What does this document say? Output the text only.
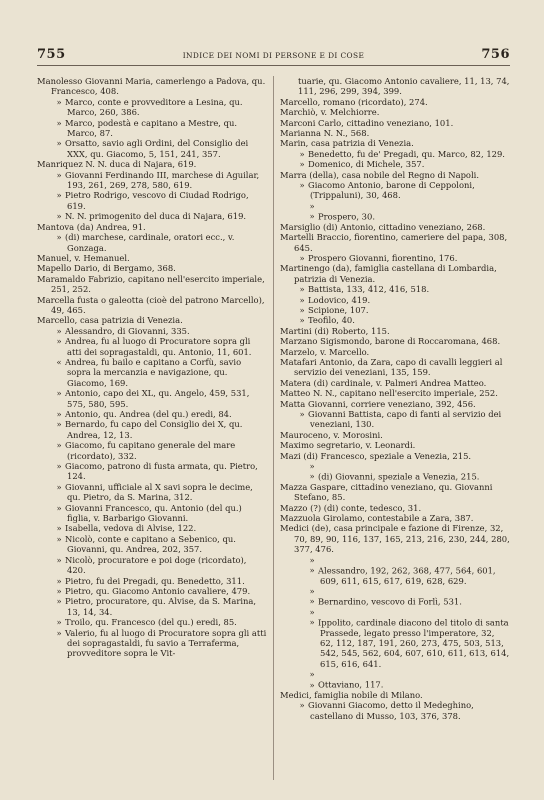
755	INDICE DEI NOMI DI PERSONE E DI COSE	756
Manolesso Giovanni Maria, camerlengo a Padova, qu. Francesco, 408.
» Marco, conte e provveditore a Lesina, qu. Marco, 260, 386.
» Marco, podestà e capitano a Mestre, qu. Marco, 87.
» Orsatto, savio agli Ordini, del Consiglio dei XXX, qu. Giacomo, 5, 151, 241, 357.
Manriquez N. N. duca di Najara, 619.
» Giovanni Ferdinando III, marchese di Aguilar, 193, 261, 269, 278, 580, 619.
» Pietro Rodrigo, vescovo di Ciudad Rodrigo, 619.
» N. N. primogenito del duca di Najara, 619.
Mantova (da) Andrea, 91.
» (di) marchese, cardinale, oratori ecc., v. Gonzaga.
Manuel, v. Hemanuel.
Mapello Dario, di Bergamo, 368.
Maramaldo Fabrizio, capitano nell'esercito imperiale, 251, 252.
Marcella fusta o galeotta (cioè del patrono Marcello), 49, 465.
Marcello, casa patrizia di Venezia.
» Alessandro, di Giovanni, 335.
» Andrea, fu al luogo di Procuratore sopra gli atti dei sopragastaldi, qu. Antonio, 11, 601.
« Andrea, fu bailo e capitano a Corfù, savio sopra la mercanzia e navigazione, qu. Giacomo, 169.
» Antonio, capo dei XL, qu. Angelo, 459, 531, 575, 580, 595.
» Antonio, qu. Andrea (del qu.) eredi, 84.
» Bernardo, fu capo del Consiglio dei X, qu. Andrea, 12, 13.
» Giacomo, fu capitano generale del mare (ricordato), 332.
» Giacomo, patrono di fusta armata, qu. Pietro, 124.
» Giovanni, ufficiale al X savi sopra le decime, qu. Pietro, da S. Marina, 312.
» Giovanni Francesco, qu. Antonio (del qu.) figlia, v. Barbarigo Giovanni.
» Isabella, vedova di Alvise, 122.
» Nicolò, conte e capitano a Sebenico, qu. Giovanni, qu. Andrea, 202, 357.
» Nicolò, procuratore e poi doge (ricordato), 420.
» Pietro, fu dei Pregadi, qu. Benedetto, 311.
» Pietro, qu. Giacomo Antonio cavaliere, 479.
» Pietro, procuratore, qu. Alvise, da S. Marina, 13, 14, 34.
» Troilo, qu. Francesco (del qu.) eredi, 85.
» Valerio, fu al luogo di Procuratore sopra gli atti dei sopragastaldi, fu savio a Terraferma, provveditore sopra le Vit-
tuarie, qu. Giacomo Antonio cavaliere, 11, 13, 74, 111, 296, 299, 394, 399.
Marcello, romano (ricordato), 274.
Marchiò, v. Melchiorre.
Marconi Carlo, cittadino veneziano, 101.
Marianna N. N., 568.
Marin, casa patrizia di Venezia.
» Benedetto, fu de' Pregadi, qu. Marco, 82, 129.
» Domenico, di Michele, 357.
Marra (della), casa nobile del Regno di Napoli.
» Giacomo Antonio, barone di Ceppoloni, (Trippaluni), 30, 468.
» » Prospero, 30.
Marsiglio (di) Antonio, cittadino veneziano, 268.
Martelli Braccio, fiorentino, cameriere del papa, 308, 645.
» Prospero Giovanni, fiorentino, 176.
Martinengo (da), famiglia castellana di Lombardia, patrizia di Venezia.
» Battista, 133, 412, 416, 518.
» Lodovico, 419.
» Scipione, 107.
» Teofilo, 40.
Martini (di) Roberto, 115.
Marzano Sigismondo, barone di Roccaromana, 468.
Marzelo, v. Marcello.
Matafari Antonio, da Zara, capo di cavalli leggieri al servizio dei veneziani, 135, 159.
Matera (di) cardinale, v. Palmeri Andrea Matteo.
Matteo N. N., capitano nell'esercito imperiale, 252.
Matta Giovanni, corriere veneziano, 392, 456.
» Giovanni Battista, capo di fanti al servizio dei veneziani, 130.
Mauroceno, v. Morosini.
Maximo segretario, v. Leonardi.
Mazi (di) Francesco, speziale a Venezia, 215.
» » (di) Giovanni, speziale a Venezia, 215.
Mazza Gaspare, cittadino veneziano, qu. Giovanni Stefano, 85.
Mazzo (?) (di) conte, tedesco, 31.
Mazzuola Girolamo, contestabile a Zara, 387.
Medici (de), casa principale e fazione di Firenze, 32, 70, 89, 90, 116, 137, 165, 213, 216, 230, 244, 280, 377, 476.
» » Alessandro, 192, 262, 368, 477, 564, 601, 609, 611, 615, 617, 619, 628, 629.
» » Bernardino, vescovo di Forlì, 531.
» » Ippolito, cardinale diacono del titolo di santa Prassede, legato presso l'imperatore, 32, 62, 112, 187, 191, 260, 273, 475, 503, 513, 542, 545, 562, 604, 607, 610, 611, 613, 614, 615, 616, 641.
» » Ottaviano, 117.
Medici, famiglia nobile di Milano.
» Giovanni Giacomo, detto il Medeghino, castellano di Musso, 103, 376, 378.
